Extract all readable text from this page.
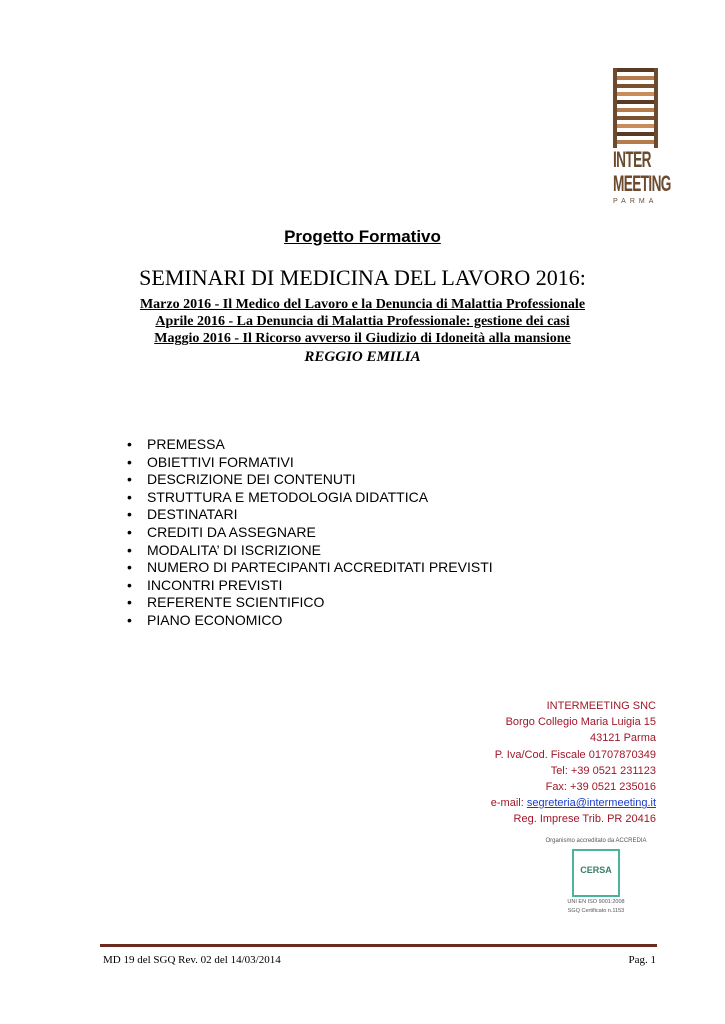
INTER
MEETING
PARMA
Progetto Formativo
SEMINARI DI MEDICINA DEL LAVORO 2016:
Marzo 2016 - Il Medico del Lavoro e la Denuncia di Malattia Professionale
Aprile 2016 - La Denuncia di Malattia Professionale: gestione dei casi
Maggio 2016 - Il Ricorso avverso il Giudizio di Idoneità alla mansione
REGGIO EMILIA
• PREMESSA
• OBIETTIVI FORMATIVI
• DESCRIZIONE DEI CONTENUTI
• STRUTTURA E METODOLOGIA DIDATTICA
• DESTINATARI
• CREDITI DA ASSEGNARE
• MODALITA’ DI ISCRIZIONE
• NUMERO DI PARTECIPANTI ACCREDITATI PREVISTI
• INCONTRI PREVISTI
• REFERENTE SCIENTIFICO
• PIANO ECONOMICO
INTERMEETING SNC
Borgo Collegio Maria Luigia 15
43121 Parma
P. Iva/Cod. Fiscale 01707870349
Tel: +39 0521 231123
Fax: +39 0521 235016
e-mail: segreteria@intermeeting.it
Reg. Imprese Trib. PR 20416
Organismo accreditato da ACCREDIA
CERSA
UNI EN ISO 9001:2008
SGQ Certificato n.1153
MD 19 del SGQ Rev. 02 del 14/03/2014	Pag. 1
